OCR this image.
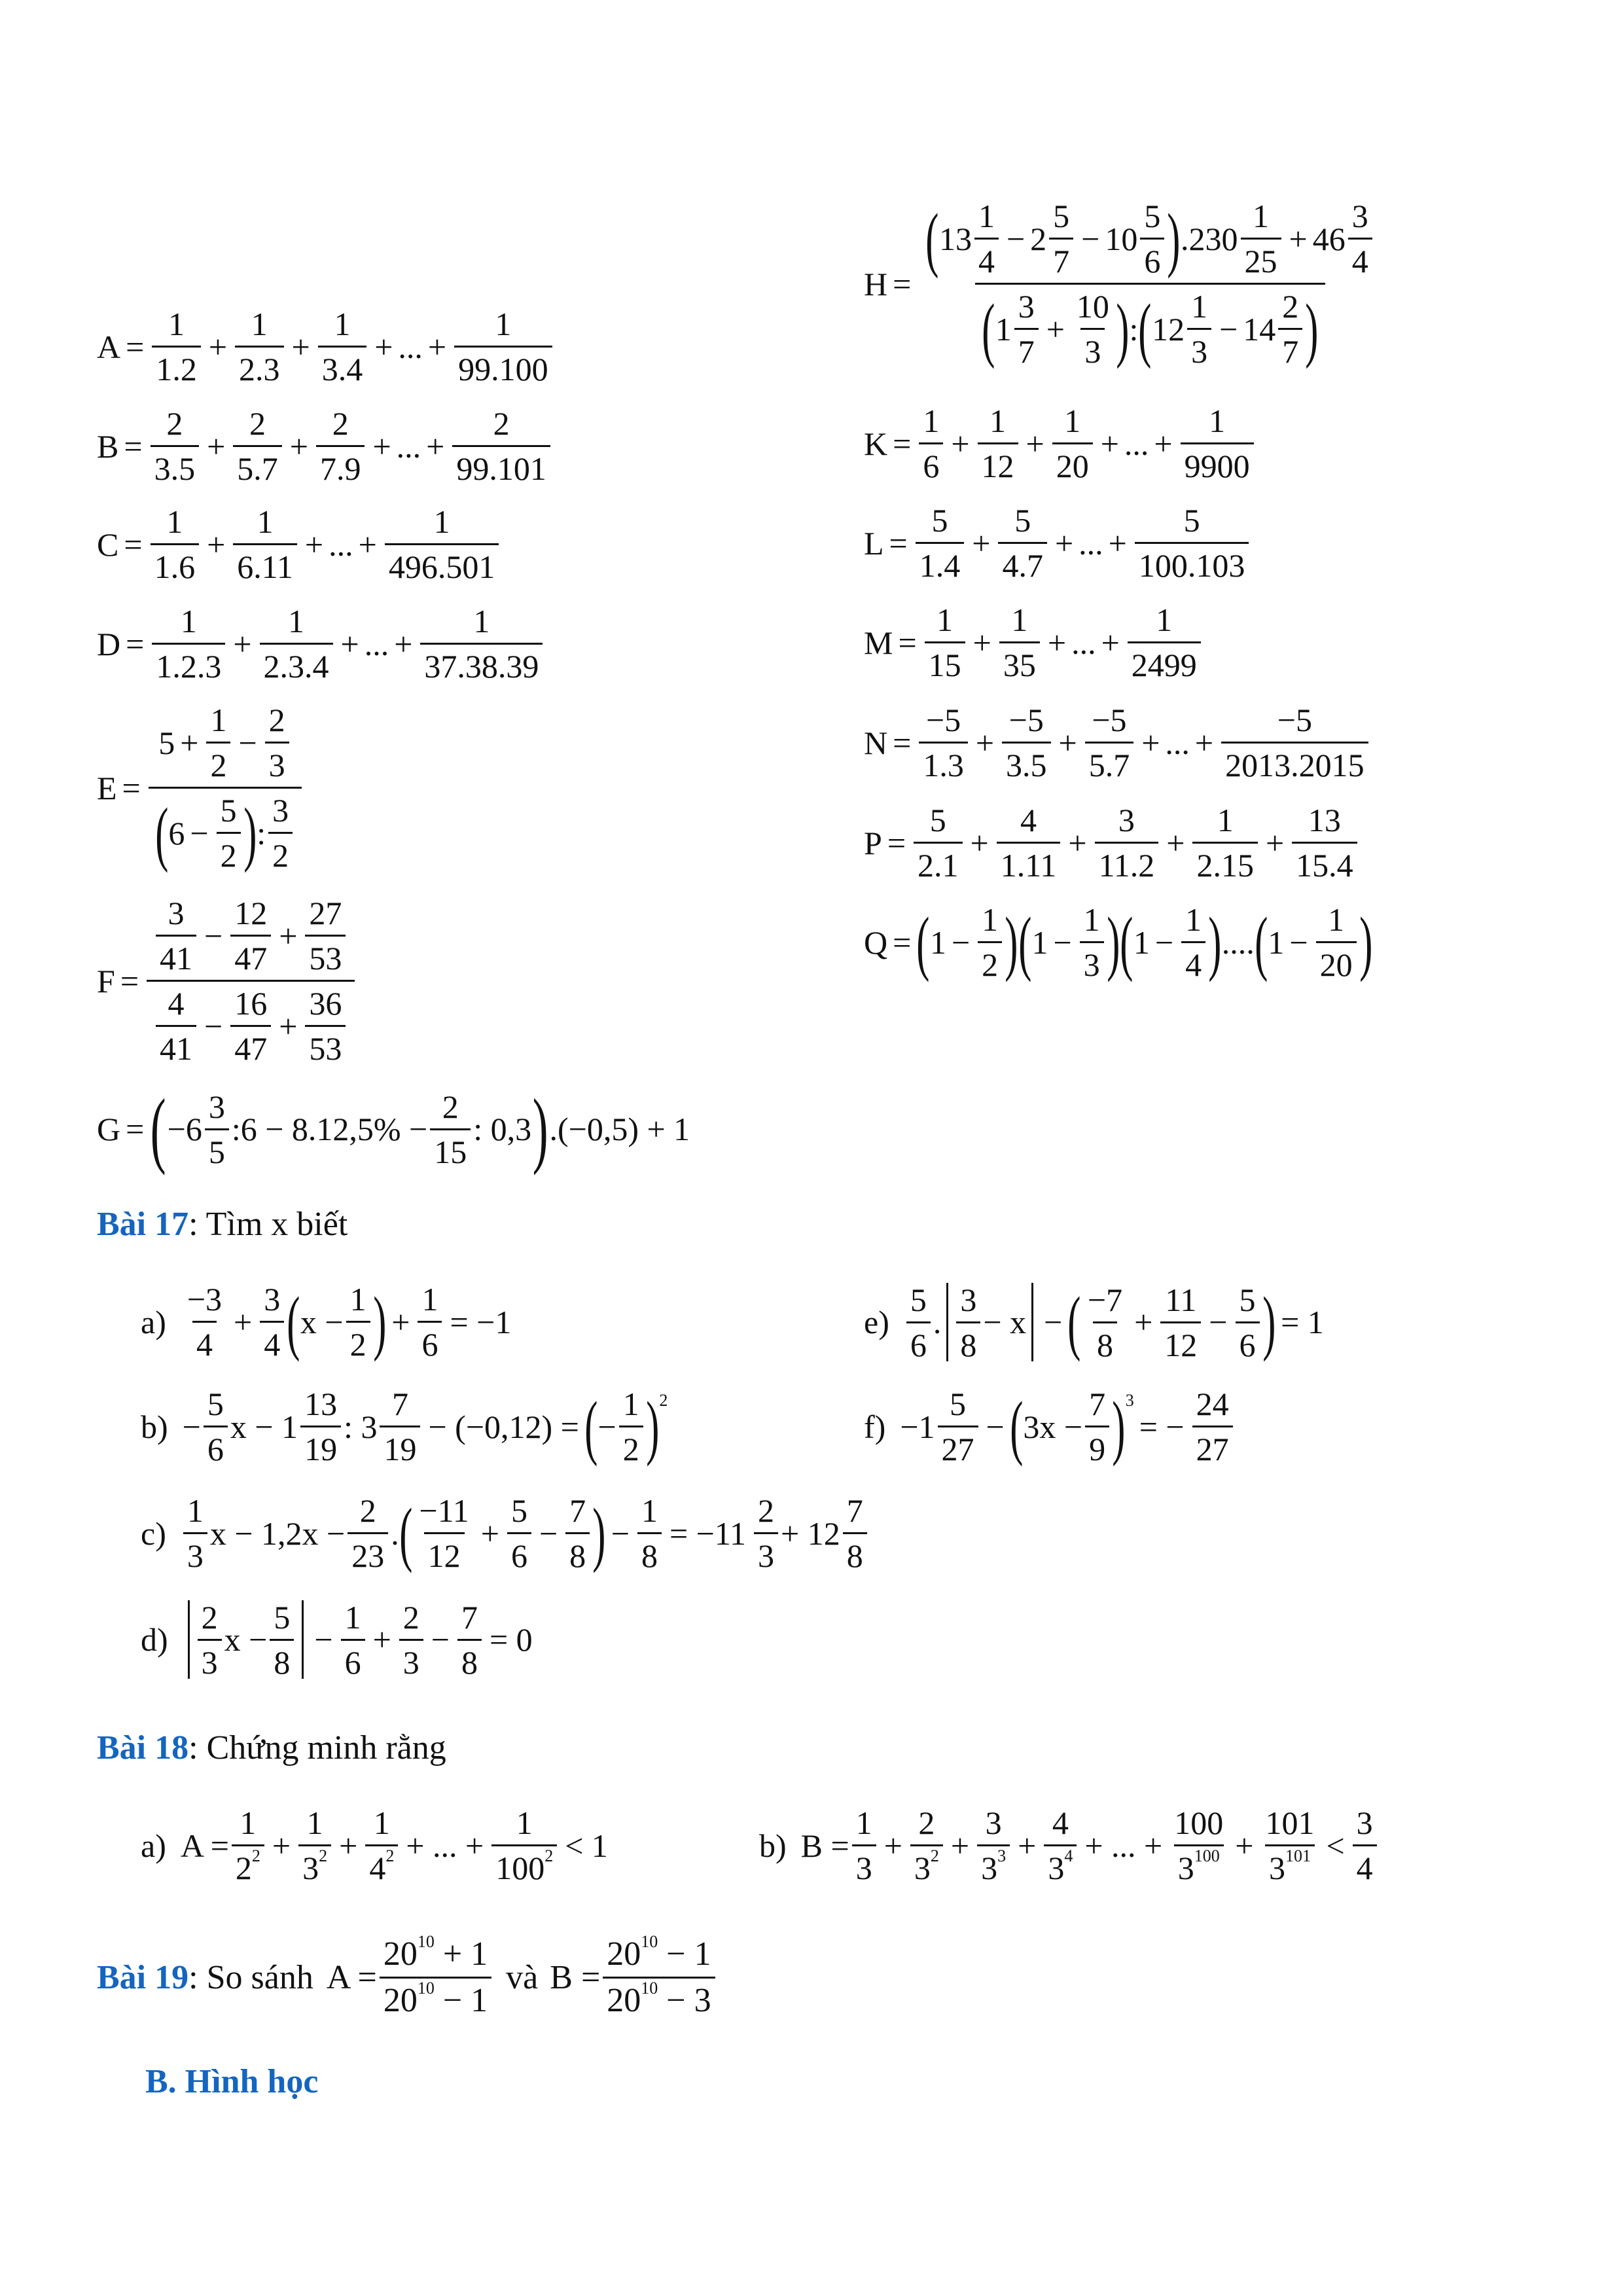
$A = \frac{1}{1.2} + \frac{1}{2.3} + \frac{1}{3.4}$ + ... + $\frac{1}{99.100}$
$B = \frac{2}{3.5} + \frac{2}{5.7} + \frac{2}{7.9}$ + ... + $\frac{2}{99.101}$
$C = \frac{1}{1.6} + \frac{1}{6.11}$ + ... + $\frac{1}{496.501}$
$D = \frac{1}{1.2.3} + \frac{1}{2.3.4}$ + ... + $\frac{1}{37.38.39}$
$E = \frac{5 + \frac{1}{2} - \frac{2}{3}}{( 6 - \frac{5}{2} ) : \frac{3}{2}}$
$F = \frac{\frac{3}{41} - \frac{12}{47} + \frac{27}{53}}{\frac{4}{41} - \frac{16}{47} + \frac{36}{53}}$
G = ( − $6 \frac{3}{5}$ :6 − $8.12,5\% - \frac{2}{15}$ : 0,3 ) .(−0,5) + 1
H =
( $13 \frac{1}{4} - 2 \frac{5}{7} - 10 \frac{5}{6}$ ) $.230 \frac{1}{25} + 46 \frac{3}{4}$
( $1 \frac{3}{7} + \frac{10}{3}$ ) : ( $12 \frac{1}{3} - 14 \frac{2}{7}$ )
$K = \frac{1}{6} + \frac{1}{12} + \frac{1}{20}$ + ... + $\frac{1}{9900}$
$L = \frac{5}{1.4} + \frac{5}{4.7}$ + ... + $\frac{5}{100.103}$
$M = \frac{1}{15} + \frac{1}{35}$ + ... + $\frac{1}{2499}$
$N = \frac{-5}{1.3} + \frac{-5}{3.5} + \frac{-5}{5.7}$ + ... + $\frac{-5}{2013.2015}$
$P = \frac{5}{2.1} + \frac{4}{1.11} + \frac{3}{11.2} + \frac{1}{2.15} + \frac{13}{15.4}$
Q = ( $1 - \frac{1}{2}$ ) ( $1 - \frac{1}{3}$ ) ( $1 - \frac{1}{4}$ ) .... ( $1 - \frac{1}{20}$ )
Bài 17: Tìm x biết
$a) \frac{-3}{4} + \frac{3}{4}$ ( $x - \frac{1}{2}$ ) + $\frac{1}{6} = -1$	$e) \frac{5}{6}$ . $\frac{3}{8} - x$ − ( $\frac{-7}{8} + \frac{11}{12} - \frac{5}{6}$ ) = 1
$b) - \frac{5}{6}$ $x - 1 \frac{13}{19}$ : $3 \frac{7}{19} - (-0,12)$ = ( − $\frac{1}{2} )^2$
$f) -1 \frac{5}{27}$ − ( $3x - \frac{7}{9} )^3$
= − $\frac{24}{27}$
$c) \frac{1}{3}$ $x - 1,2x - \frac{2}{23}$ . ( $\frac{-11}{12} + \frac{5}{6} - \frac{7}{8}$ ) − $\frac{1}{8} = -11 \frac{2}{3} + 12 \frac{7}{8}$
$d) \frac{2}{3}$ $x - \frac{5}{8} - \frac{1}{6} + \frac{2}{3} - \frac{7}{8} = 0$
Bài 18: Chứng minh rằng
a) $A = \frac{1}{2^2} + \frac{1}{3^2} + \frac{1}{4^2}$ + ... + $\frac{1}{100^2} < 1$	b) $B = \frac{1}{3} + \frac{2}{3^2} + \frac{3}{3^3} + \frac{4}{3^4}$ + ... + $\frac{100}{3^{100}} + \frac{101}{3^{101}} < \frac{3}{4}$
Bài 19 : So sánh $A = \frac{20^{10} + 1}{20^{10} - 1}$ và $B = \frac{20^{10} - 1}{20^{10} - 3}$
B. Hình học
